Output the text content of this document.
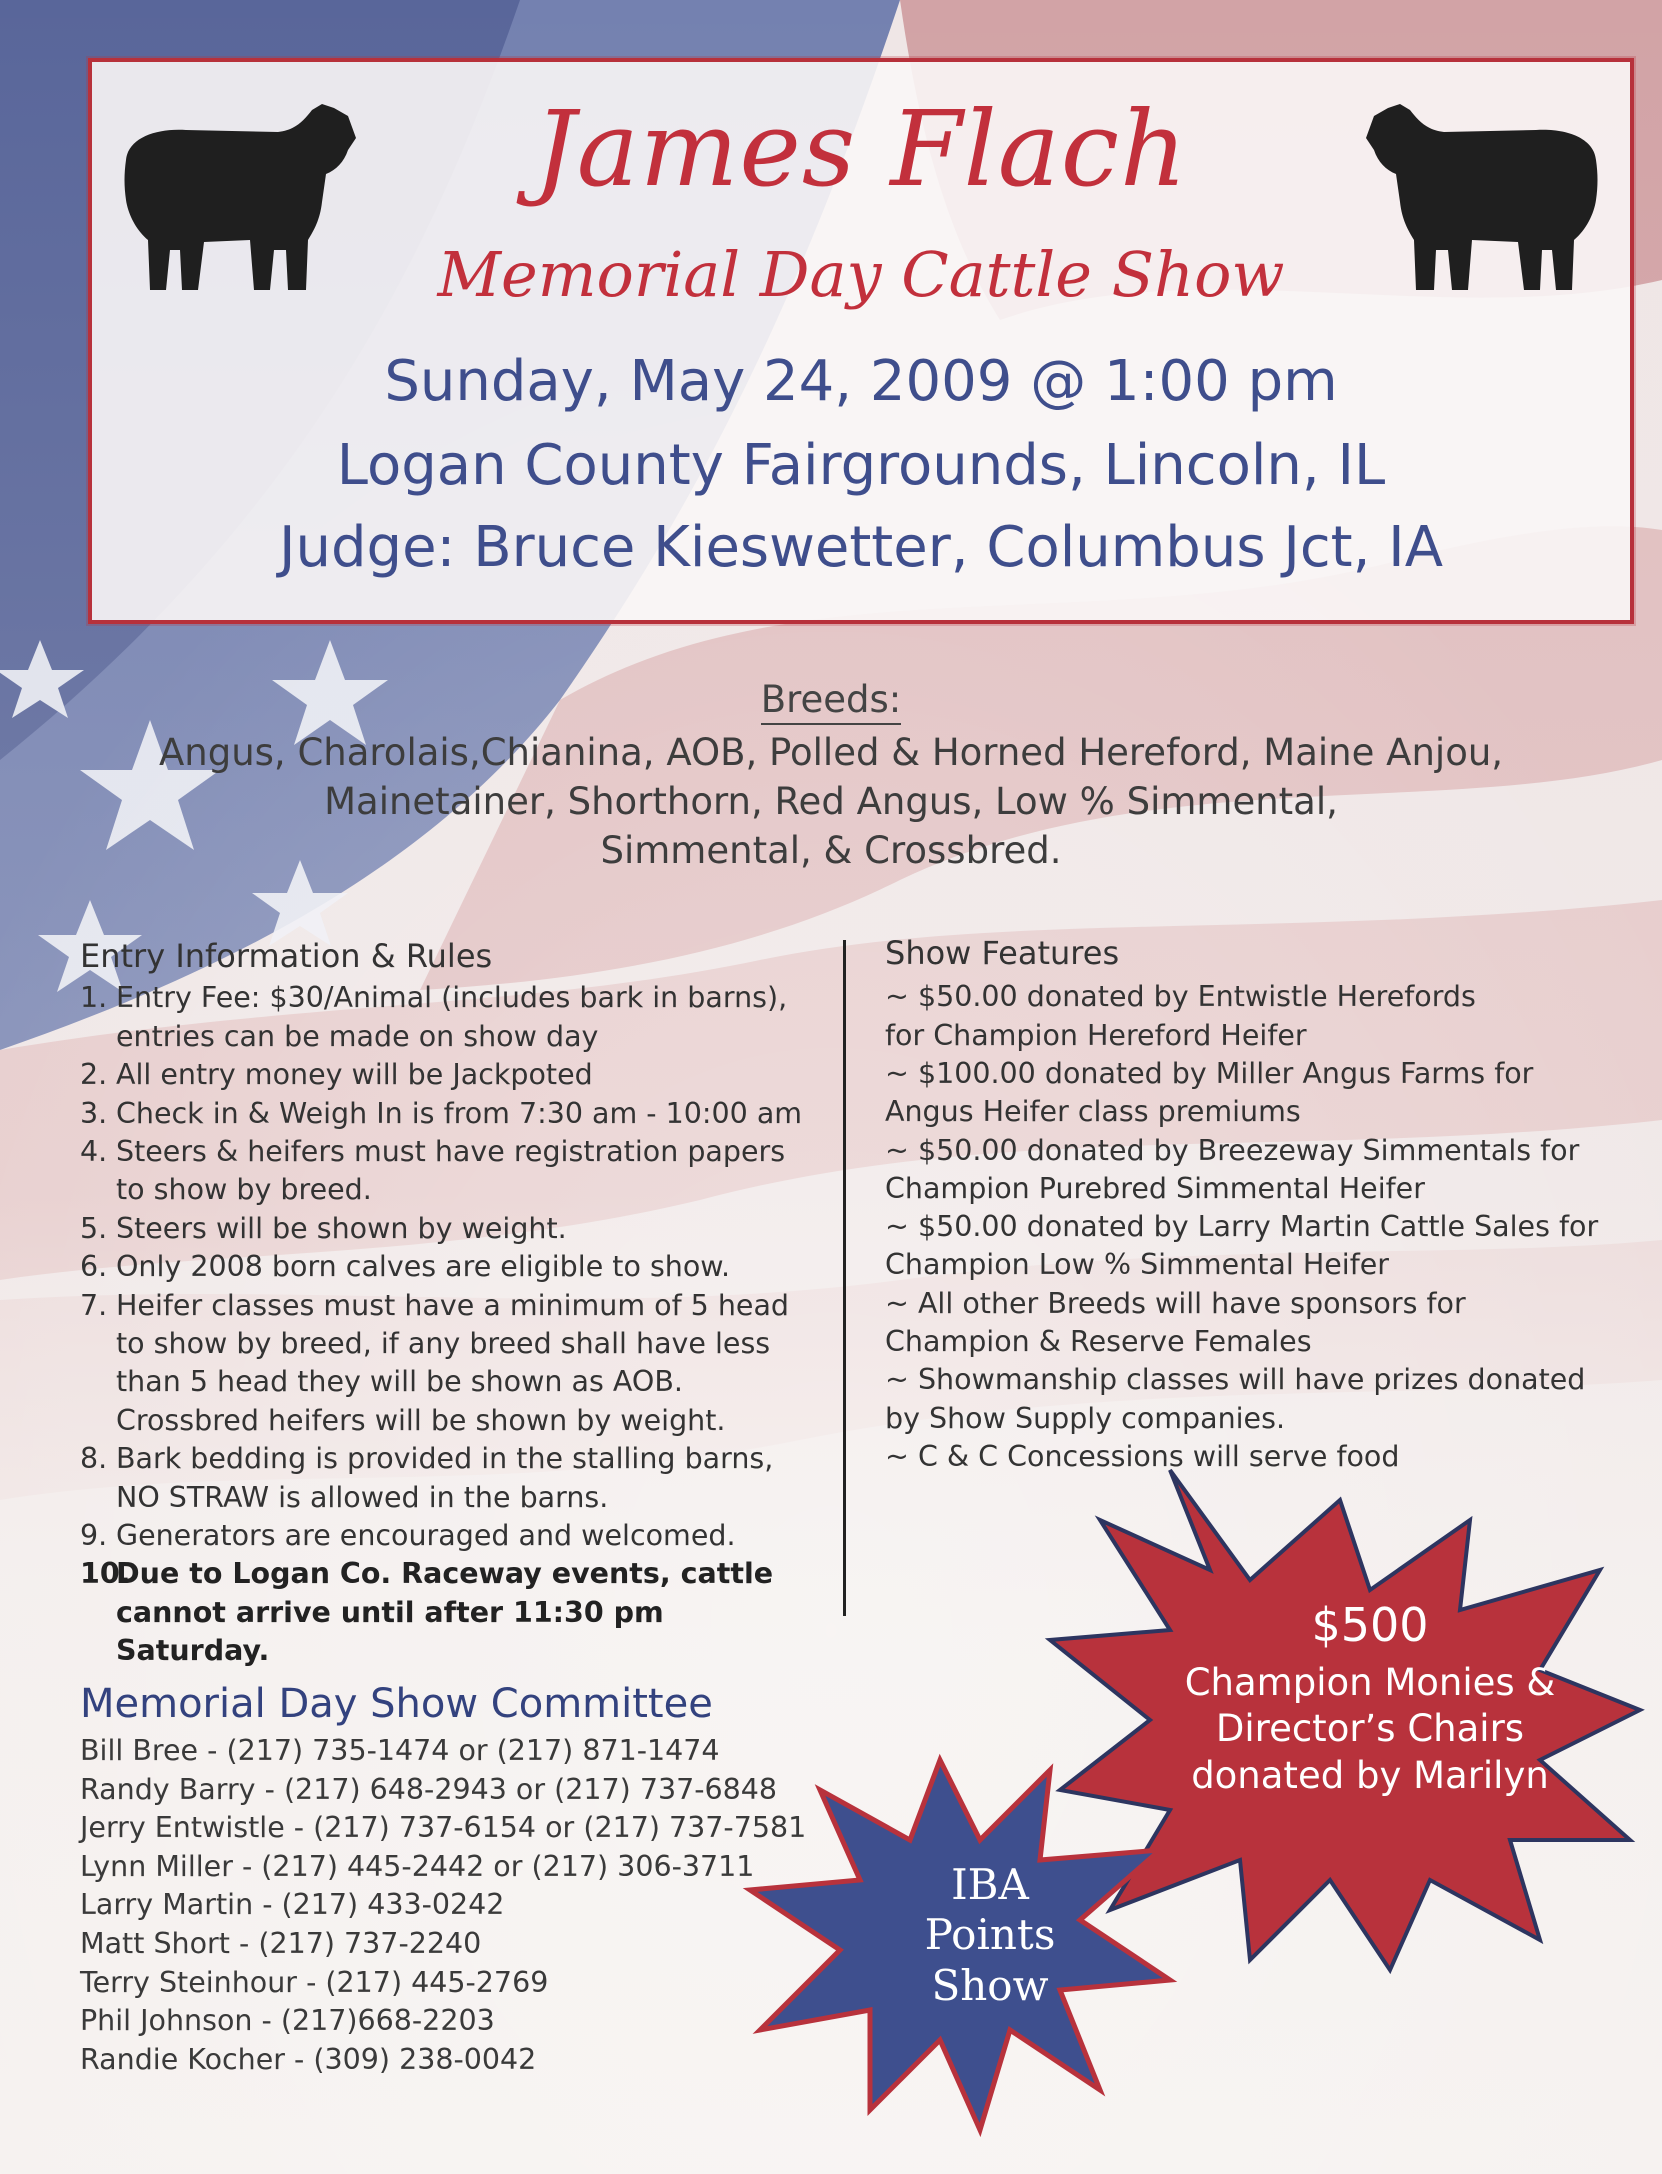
James Flach
Memorial Day Cattle Show
Sunday, May 24, 2009 @ 1:00 pm
Logan County Fairgrounds, Lincoln, IL
Judge: Bruce Kieswetter, Columbus Jct, IA
Breeds:
Angus, Charolais,Chianina, AOB, Polled & Horned Hereford, Maine Anjou,
Mainetainer, Shorthorn, Red Angus, Low % Simmental,
Simmental, & Crossbred.
Entry Information & Rules
1. Entry Fee: $30/Animal (includes bark in barns), entries can be made on show day
2. All entry money will be Jackpoted
3. Check in & Weigh In is from 7:30 am - 10:00 am
4. Steers & heifers must have registration papers to show by breed.
5. Steers will be shown by weight.
6. Only 2008 born calves are eligible to show.
7. Heifer classes must have a minimum of 5 head to show by breed, if any breed shall have less than 5 head they will be shown as AOB. Crossbred heifers will be shown by weight.
8. Bark bedding is provided in the stalling barns, NO STRAW is allowed in the barns.
9. Generators are encouraged and welcomed.
10.
Due to Logan Co. Raceway events, cattle cannot arrive until after 11:30 pm Saturday.
Show Features
~ $50.00 donated by Entwistle Herefords
for Champion Hereford Heifer
~ $100.00 donated by Miller Angus Farms for
Angus Heifer class premiums
~ $50.00 donated by Breezeway Simmentals for
Champion Purebred Simmental Heifer
~ $50.00 donated by Larry Martin Cattle Sales for
Champion Low % Simmental Heifer
~ All other Breeds will have sponsors for
Champion & Reserve Females
~ Showmanship classes will have prizes donated
by Show Supply companies.
~ C & C Concessions will serve food
Memorial Day Show Committee
Bill Bree - (217) 735-1474 or (217) 871-1474
Randy Barry - (217) 648-2943 or (217) 737-6848
Jerry Entwistle - (217) 737-6154 or (217) 737-7581
Lynn Miller - (217) 445-2442 or (217) 306-3711
Larry Martin - (217) 433-0242
Matt Short - (217) 737-2240
Terry Steinhour - (217) 445-2769
Phil Johnson - (217)668-2203
Randie Kocher - (309) 238-0042
$500
Champion Monies &
Director’s Chairs
donated by Marilyn
IBA
Points
Show
